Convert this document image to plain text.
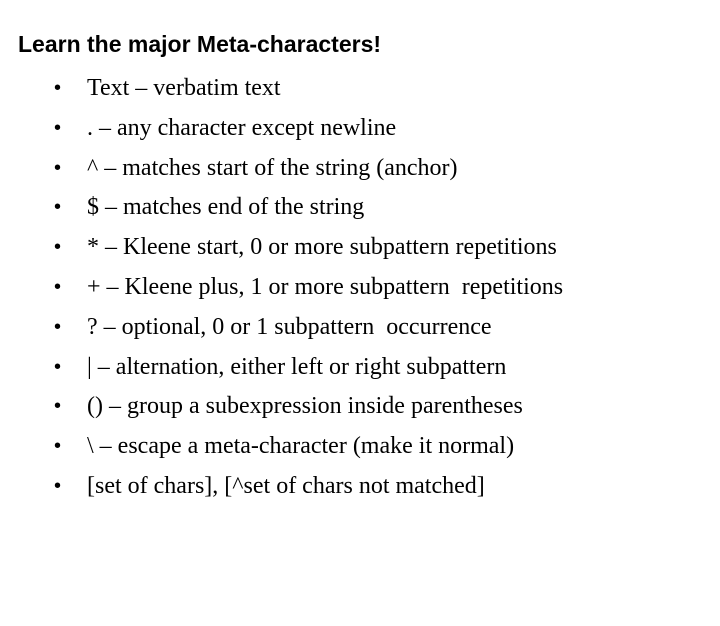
Learn the major Meta-characters!

•

Text – verbatim text

•

. – any character except newline

•

^ – matches start of the string (anchor)

•

$ – matches end of the string

•

* – Kleene start, 0 or more subpattern repetitions

•

+ – Kleene plus, 1 or more subpattern  repetitions

•

? – optional, 0 or 1 subpattern  occurrence

•

| – alternation, either left or right subpattern

•

() – group a subexpression inside parentheses

•

\ – escape a meta-character (make it normal)

•

[set of chars], [^set of chars not matched]
